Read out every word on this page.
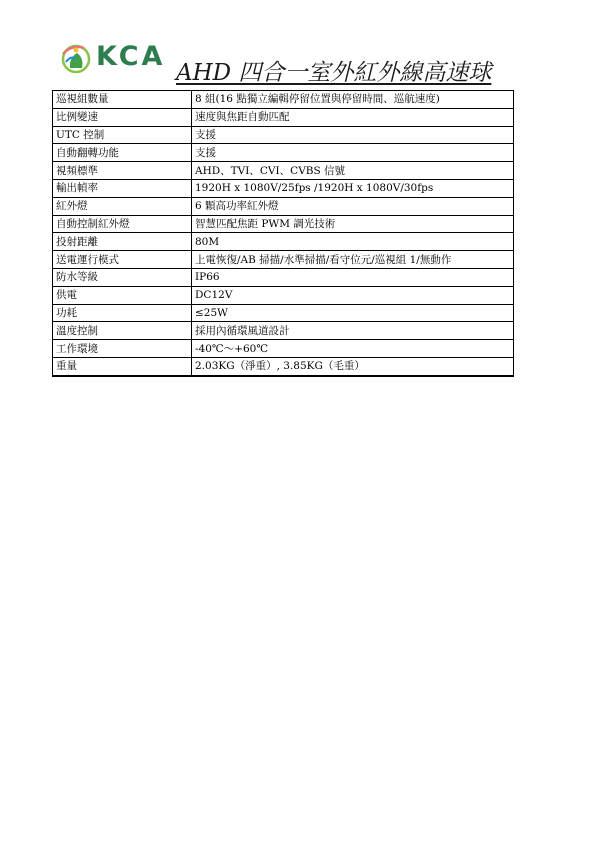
KCA
AHD 四合一室外紅外線高速球
巡視組數量	8 組(16 點獨立編輯停留位置與停留時間、巡航速度)
比例變速	速度與焦距自動匹配
UTC 控制	支援
自動翻轉功能	支援
視頻標準	AHD、TVI、CVI、CVBS 信號
輸出幀率	1920H x 1080V/25fps /1920H x 1080V/30fps
紅外燈	6 顆高功率紅外燈
自動控制紅外燈	智慧匹配焦距 PWM 調光技術
投射距離	80M
送電運行模式	上電恢復/AB 掃描/水準掃描/看守位元/巡視組 1/無動作
防水等級	IP66
供電	DC12V
功耗	≤25W
溫度控制	採用內循環風道設計
工作環境	-40℃～+60℃
重量	2.03KG（淨重）, 3.85KG（毛重）
